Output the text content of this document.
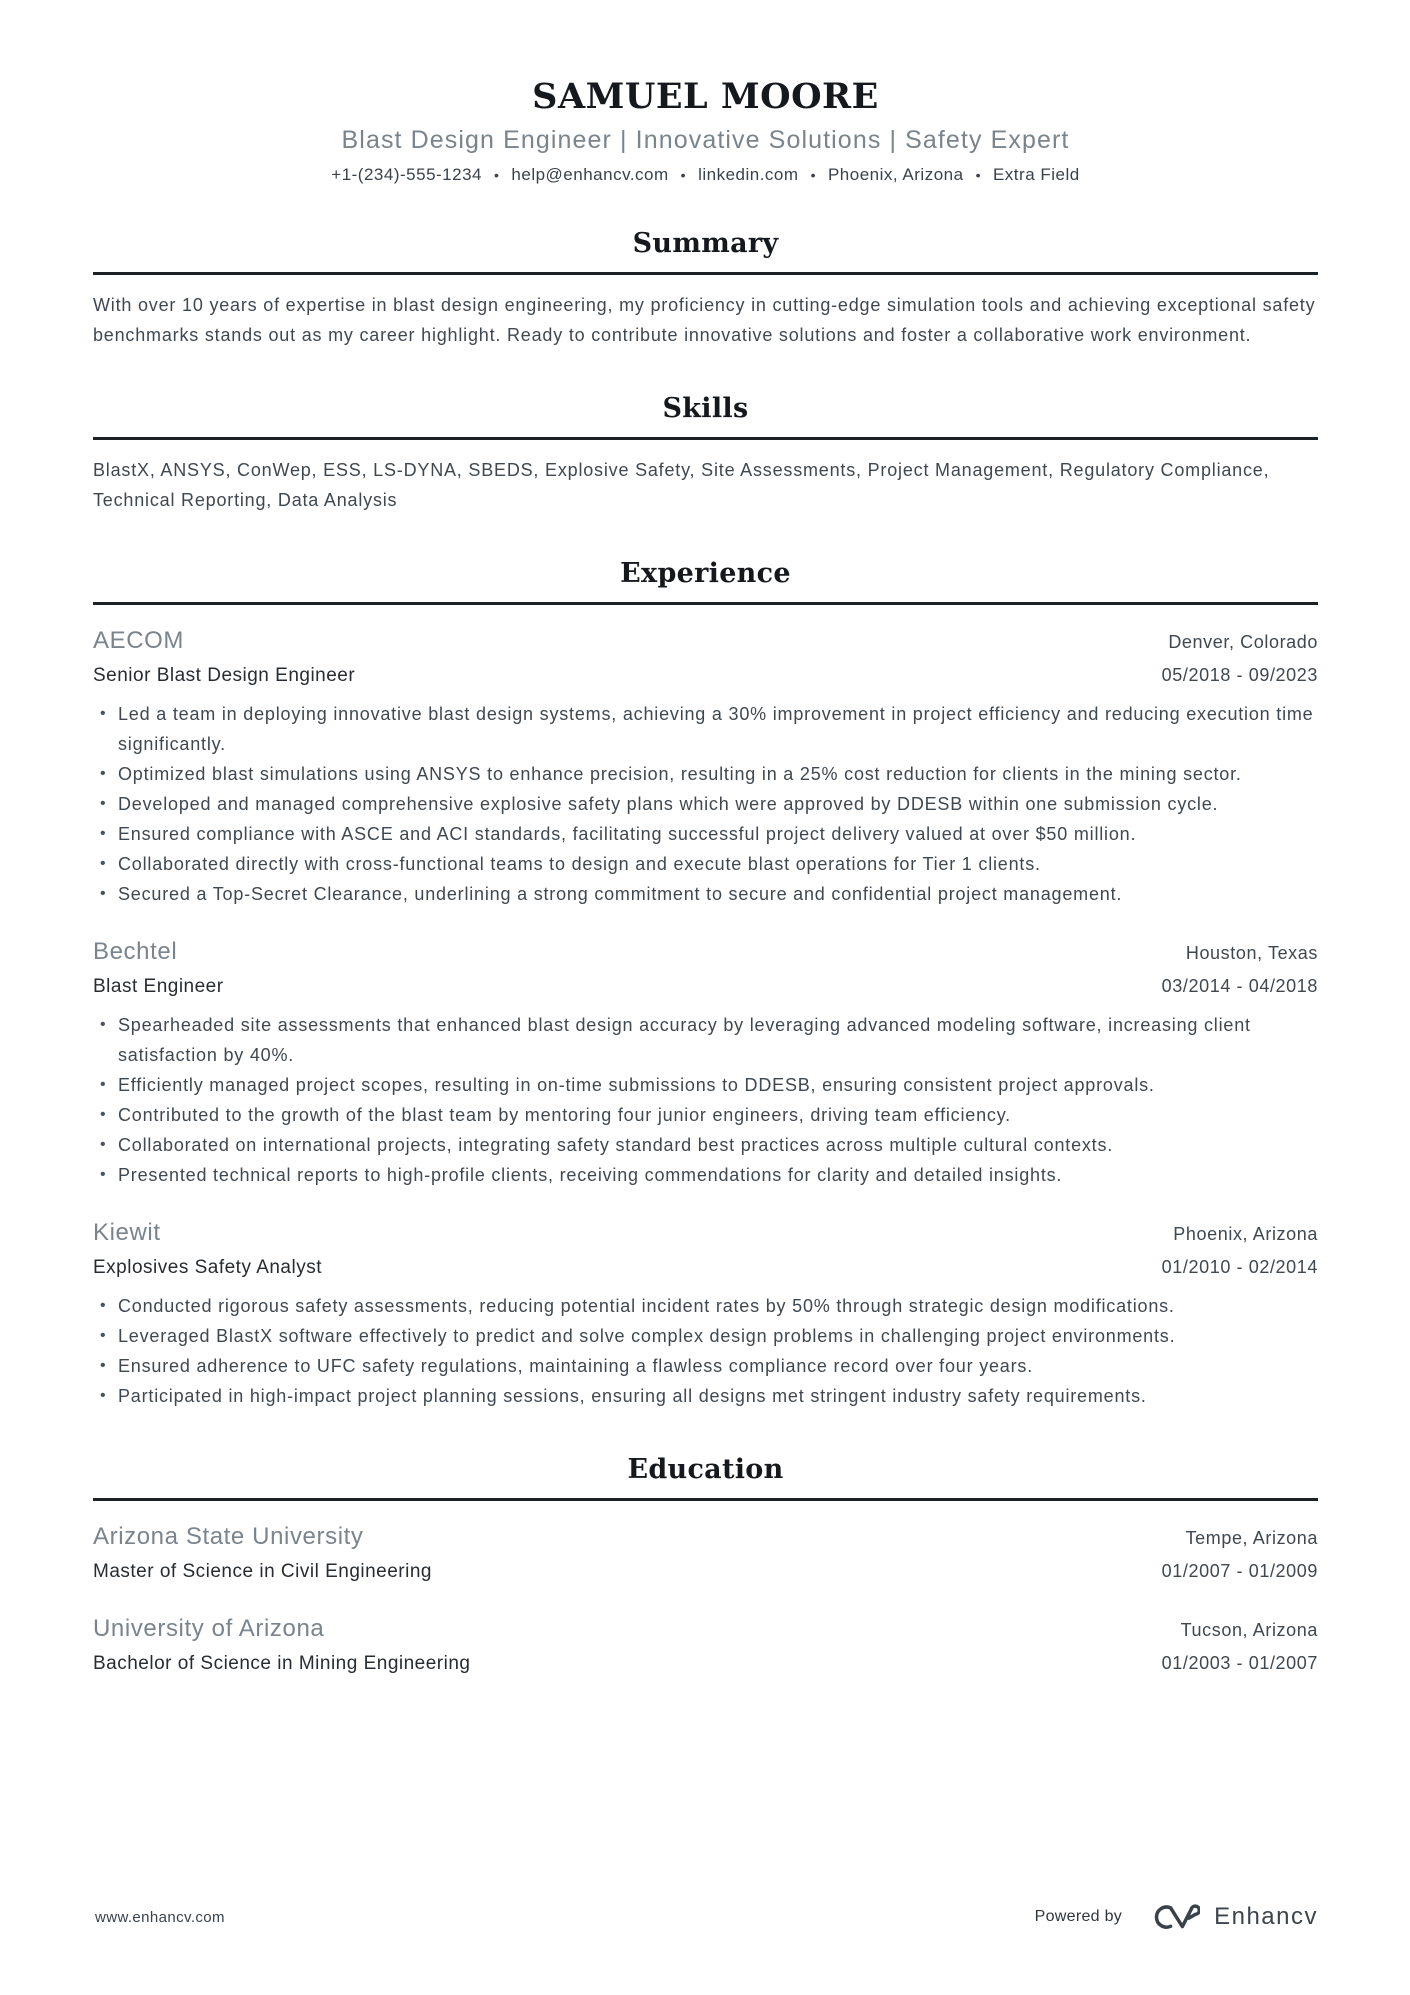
SAMUEL MOORE
Blast Design Engineer | Innovative Solutions | Safety Expert
+1-(234)-555-1234	• help@enhancv.com	• linkedin.com	• Phoenix, Arizona	• Extra Field
Summary

With over 10 years of expertise in blast design engineering, my proficiency in cutting-edge simulation tools and achieving exceptional safety benchmarks stands out as my career highlight. Ready to contribute innovative solutions and foster a collaborative work environment.

Skills

BlastX, ANSYS, ConWep, ESS, LS-DYNA, SBEDS, Explosive Safety, Site Assessments, Project Management, Regulatory Compliance, Technical Reporting, Data Analysis

Experience
AECOM	Denver, Colorado
Senior Blast Design Engineer	05/2018 - 09/2023
• Led a team in deploying innovative blast design systems, achieving a 30% improvement in project efficiency and reducing execution time significantly.
• Optimized blast simulations using ANSYS to enhance precision, resulting in a 25% cost reduction for clients in the mining sector.
• Developed and managed comprehensive explosive safety plans which were approved by DDESB within one submission cycle.
• Ensured compliance with ASCE and ACI standards, facilitating successful project delivery valued at over $50 million.
• Collaborated directly with cross-functional teams to design and execute blast operations for Tier 1 clients.
• Secured a Top-Secret Clearance, underlining a strong commitment to secure and confidential project management.
Bechtel	Houston, Texas
Blast Engineer	03/2014 - 04/2018
• Spearheaded site assessments that enhanced blast design accuracy by leveraging advanced modeling software, increasing client satisfaction by 40%.
• Efficiently managed project scopes, resulting in on-time submissions to DDESB, ensuring consistent project approvals.
• Contributed to the growth of the blast team by mentoring four junior engineers, driving team efficiency.
• Collaborated on international projects, integrating safety standard best practices across multiple cultural contexts.
• Presented technical reports to high-profile clients, receiving commendations for clarity and detailed insights.
Kiewit	Phoenix, Arizona
Explosives Safety Analyst	01/2010 - 02/2014
• Conducted rigorous safety assessments, reducing potential incident rates by 50% through strategic design modifications.
• Leveraged BlastX software effectively to predict and solve complex design problems in challenging project environments.
• Ensured adherence to UFC safety regulations, maintaining a flawless compliance record over four years.
• Participated in high-impact project planning sessions, ensuring all designs met stringent industry safety requirements.
Education
Arizona State University	Tempe, Arizona
Master of Science in Civil Engineering	01/2007 - 01/2009
University of Arizona	Tucson, Arizona
Bachelor of Science in Mining Engineering	01/2003 - 01/2007
www.enhancv.com	Powered by	Enhancv
